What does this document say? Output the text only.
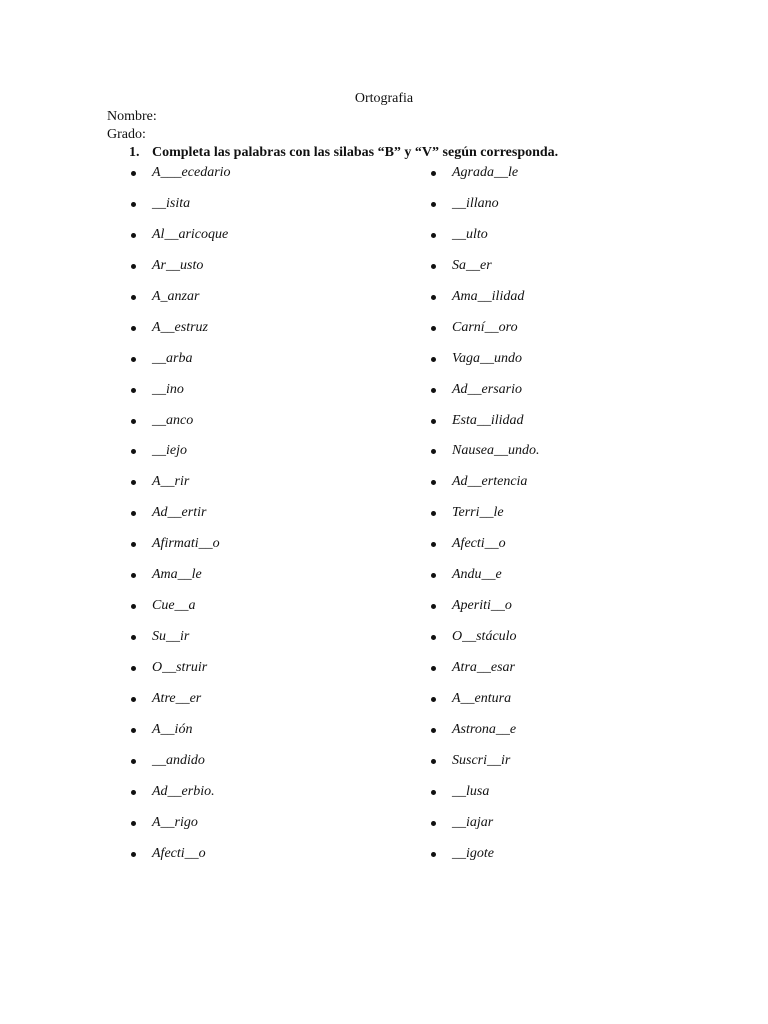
Ortografia
Nombre:
Grado:
1. Completa las palabras con las silabas “B” y “V” según corresponda.
A___ecedario
__isita
Al__aricoque
Ar__usto
A_anzar
A__estruz
__arba
__ino
__anco
__iejo
A__rir
Ad__ertir
Afirmati__o
Ama__le
Cue__a
Su__ir
O__struir
Atre__er
A__ión
__andido
Ad__erbio.
A__rigo
Afecti__o
Agrada__le
__illano
__ulto
Sa__er
Ama__ilidad
Carní__oro
Vaga__undo
Ad__ersario
Esta__ilidad
Nausea__undo.
Ad__ertencia
Terri__le
Afecti__o
Andu__e
Aperiti__o
O__stáculo
Atra__esar
A__entura
Astrona__e
Suscri__ir
__lusa
__iajar
__igote
